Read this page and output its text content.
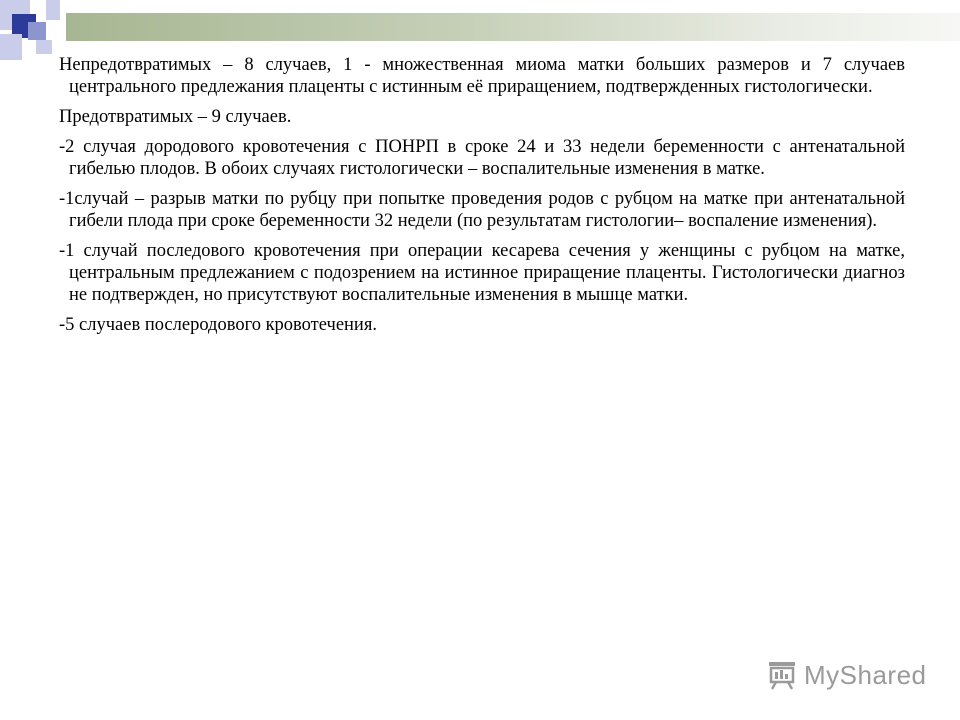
Непредотвратимых – 8 случаев, 1 - множественная миома матки больших размеров и 7 случаев центрального предлежания плаценты с истинным её приращением, подтвержденных гистологически.

Предотвратимых – 9 случаев.

-2 случая дородового кровотечения с ПОНРП в сроке 24 и 33 недели беременности с антенатальной гибелью плодов. В обоих случаях гистологически – воспалительные изменения в матке.

-1случай – разрыв матки по рубцу при попытке проведения родов с рубцом на матке при антенатальной гибели плода при сроке беременности 32 недели (по результатам гистологии– воспаление изменения).

-1 случай последового кровотечения при операции кесарева сечения у женщины с рубцом на матке, центральным предлежанием с подозрением на истинное приращение плаценты. Гистологически диагноз не подтвержден, но присутствуют воспалительные изменения в мышце матки.

-5 случаев послеродового кровотечения.

MyShared
